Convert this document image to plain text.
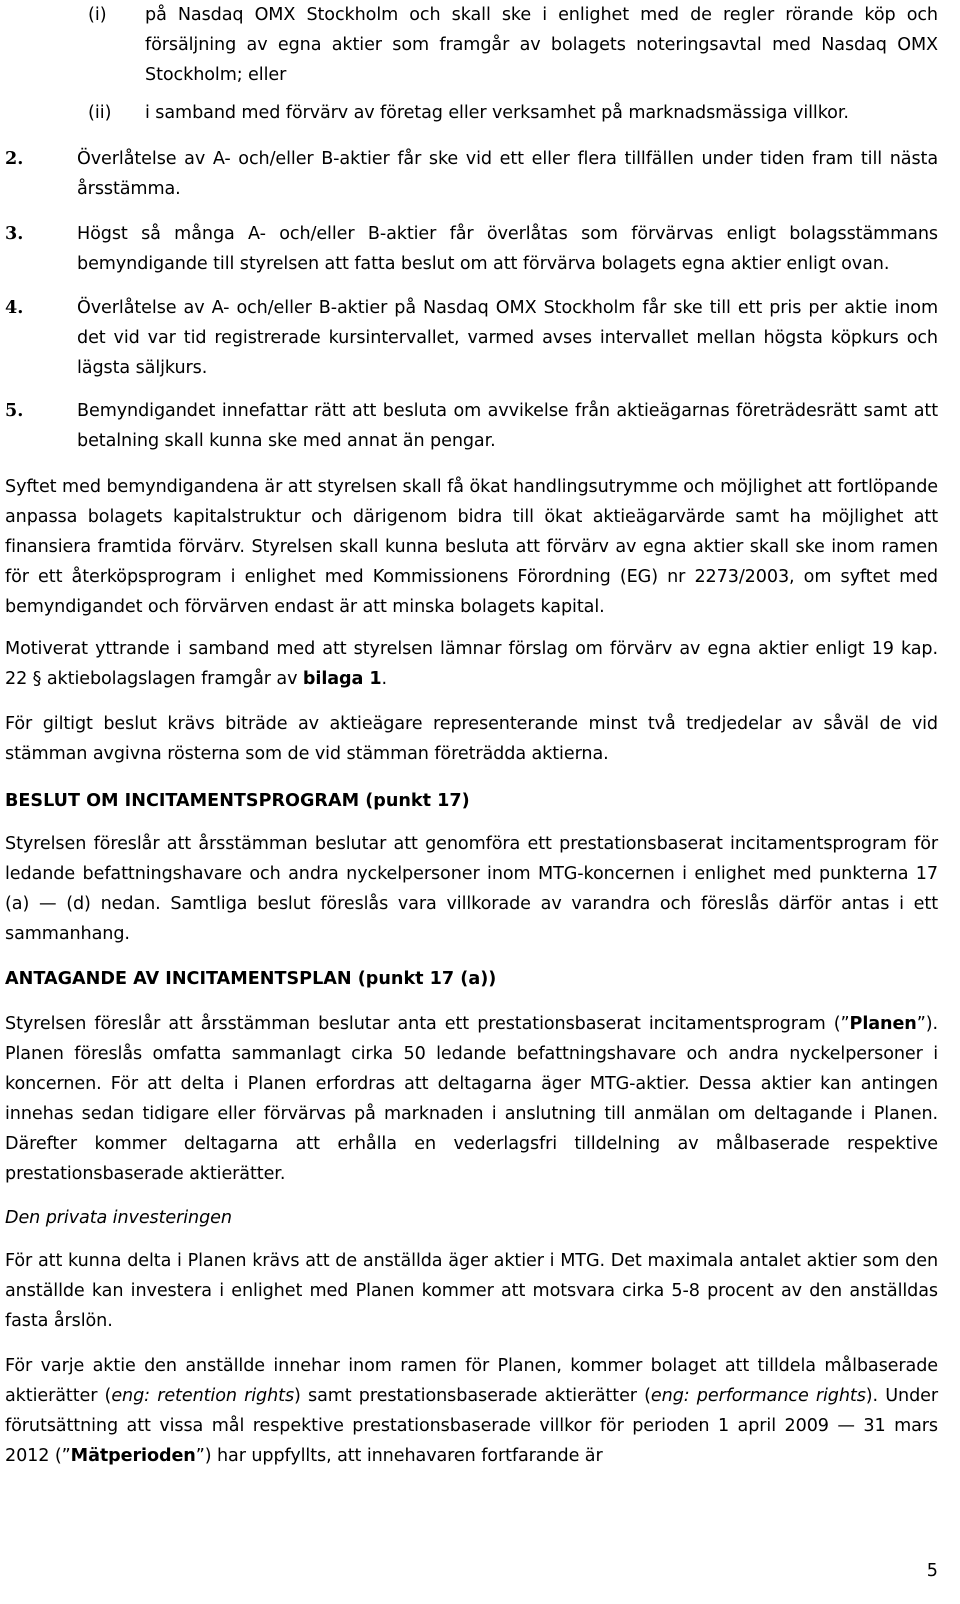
(i) på Nasdaq OMX Stockholm och skall ske i enlighet med de regler rörande köp och försäljning av egna aktier som framgår av bolagets noteringsavtal med Nasdaq OMX Stockholm; eller

(ii) i samband med förvärv av företag eller verksamhet på marknadsmässiga villkor.

2.	Överlåtelse av A- och/eller B-aktier får ske vid ett eller flera tillfällen under tiden fram till nästa årsstämma.

3.	Högst så många A- och/eller B-aktier får överlåtas som förvärvas enligt bolagsstämmans bemyndigande till styrelsen att fatta beslut om att förvärva bolagets egna aktier enligt ovan.

4.	Överlåtelse av A- och/eller B-aktier på Nasdaq OMX Stockholm får ske till ett pris per aktie inom det vid var tid registrerade kursintervallet, varmed avses intervallet mellan högsta köpkurs och lägsta säljkurs.

5.	Bemyndigandet innefattar rätt att besluta om avvikelse från aktieägarnas företrädesrätt samt att betalning skall kunna ske med annat än pengar.

Syftet med bemyndigandena är att styrelsen skall få ökat handlingsutrymme och möjlighet att fortlöpande anpassa bolagets kapitalstruktur och därigenom bidra till ökat aktieägarvärde samt ha möjlighet att finansiera framtida förvärv. Styrelsen skall kunna besluta att förvärv av egna aktier skall ske inom ramen för ett återköpsprogram i enlighet med Kommissionens Förordning (EG) nr 2273/2003, om syftet med bemyndigandet och förvärven endast är att minska bolagets kapital.

Motiverat yttrande i samband med att styrelsen lämnar förslag om förvärv av egna aktier enligt 19 kap. 22 § aktiebolagslagen framgår av bilaga 1.

För giltigt beslut krävs biträde av aktieägare representerande minst två tredjedelar av såväl de vid stämman avgivna rösterna som de vid stämman företrädda aktierna.

BESLUT OM INCITAMENTSPROGRAM (punkt 17)

Styrelsen föreslår att årsstämman beslutar att genomföra ett prestationsbaserat incitamentsprogram för ledande befattningshavare och andra nyckelpersoner inom MTG-koncernen i enlighet med punkterna 17 (a) — (d) nedan. Samtliga beslut föreslås vara villkorade av varandra och föreslås därför antas i ett sammanhang.

ANTAGANDE AV INCITAMENTSPLAN (punkt 17 (a))

Styrelsen föreslår att årsstämman beslutar anta ett prestationsbaserat incitamentsprogram (”Planen”). Planen föreslås omfatta sammanlagt cirka 50 ledande befattningshavare och andra nyckelpersoner i koncernen. För att delta i Planen erfordras att deltagarna äger MTG-aktier. Dessa aktier kan antingen innehas sedan tidigare eller förvärvas på marknaden i anslutning till anmälan om deltagande i Planen. Därefter kommer deltagarna att erhålla en vederlagsfri tilldelning av målbaserade respektive prestationsbaserade aktierätter.

Den privata investeringen

För att kunna delta i Planen krävs att de anställda äger aktier i MTG. Det maximala antalet aktier som den anställde kan investera i enlighet med Planen kommer att motsvara cirka 5-8 procent av den anställdas fasta årslön.

För varje aktie den anställde innehar inom ramen för Planen, kommer bolaget att tilldela målbaserade aktierätter (eng: retention rights) samt prestationsbaserade aktierätter (eng: performance rights). Under förutsättning att vissa mål respektive prestationsbaserade villkor för perioden 1 april 2009 — 31 mars 2012 (”Mätperioden”) har uppfyllts, att innehavaren fortfarande är

5
